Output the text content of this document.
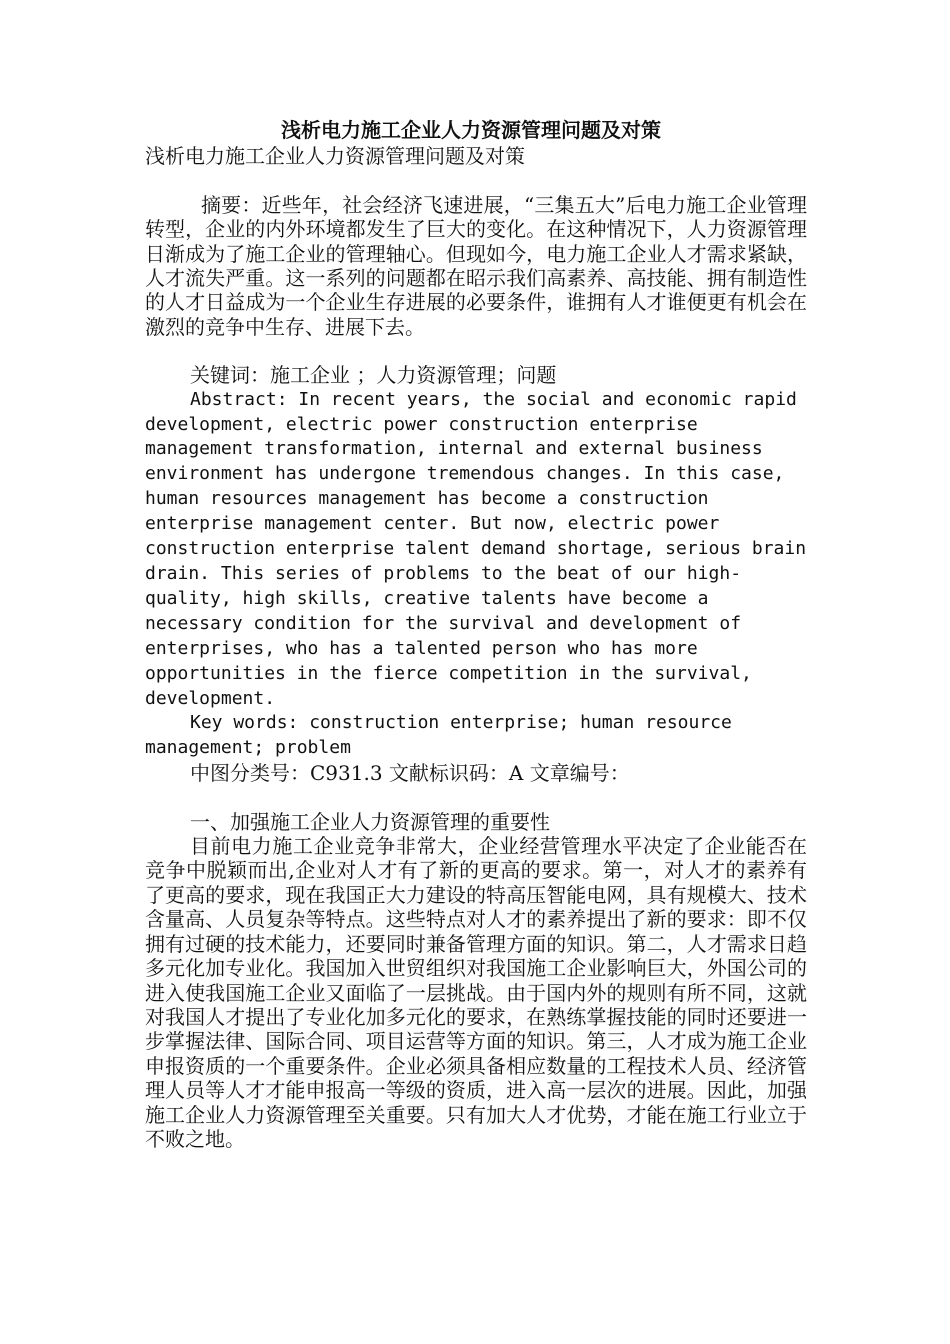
浅析电力施工企业人力资源管理问题及对策
浅析电力施工企业人力资源管理问题及对策

摘要：近些年，社会经济飞速进展，“三集五大”后电力施工企业管理转型，企业的内外环境都发生了巨大的变化。在这种情况下，人力资源管理日渐成为了施工企业的管理轴心。但现如今，电力施工企业人才需求紧缺，人才流失严重。这一系列的问题都在昭示我们高素养、高技能、拥有制造性的人才日益成为一个企业生存进展的必要条件，谁拥有人才谁便更有机会在激烈的竞争中生存、进展下去。

关键词：施工企业 ；人力资源管理；问题

Abstract: In recent years, the social and economic rapid development, electric power construction enterprise management transformation, internal and external business environment has undergone tremendous changes. In this case, human resources management has become a construction enterprise management center. But now, electric power construction enterprise talent demand shortage, serious brain drain. This series of problems to the beat of our high-quality, high skills, creative talents have become a necessary condition for the survival and development of enterprises, who has a talented person who has more opportunities in the fierce competition in the survival, development.

Key words: construction enterprise; human resource management; problem

中图分类号：C931.3 文献标识码：A 文章编号：

一、加强施工企业人力资源管理的重要性

目前电力施工企业竞争非常大，企业经营管理水平决定了企业能否在竞争中脱颖而出,企业对人才有了新的更高的要求。第一，对人才的素养有了更高的要求，现在我国正大力建设的特高压智能电网，具有规模大、技术含量高、人员复杂等特点。这些特点对人才的素养提出了新的要求：即不仅拥有过硬的技术能力，还要同时兼备管理方面的知识。第二，人才需求日趋多元化加专业化。我国加入世贸组织对我国施工企业影响巨大，外国公司的进入使我国施工企业又面临了一层挑战。由于国内外的规则有所不同，这就对我国人才提出了专业化加多元化的要求，在熟练掌握技能的同时还要进一步掌握法律、国际合同、项目运营等方面的知识。第三，人才成为施工企业申报资质的一个重要条件。企业必须具备相应数量的工程技术人员、经济管理人员等人才才能申报高一等级的资质，进入高一层次的进展。因此，加强施工企业人力资源管理至关重要。只有加大人才优势，才能在施工行业立于不败之地。
